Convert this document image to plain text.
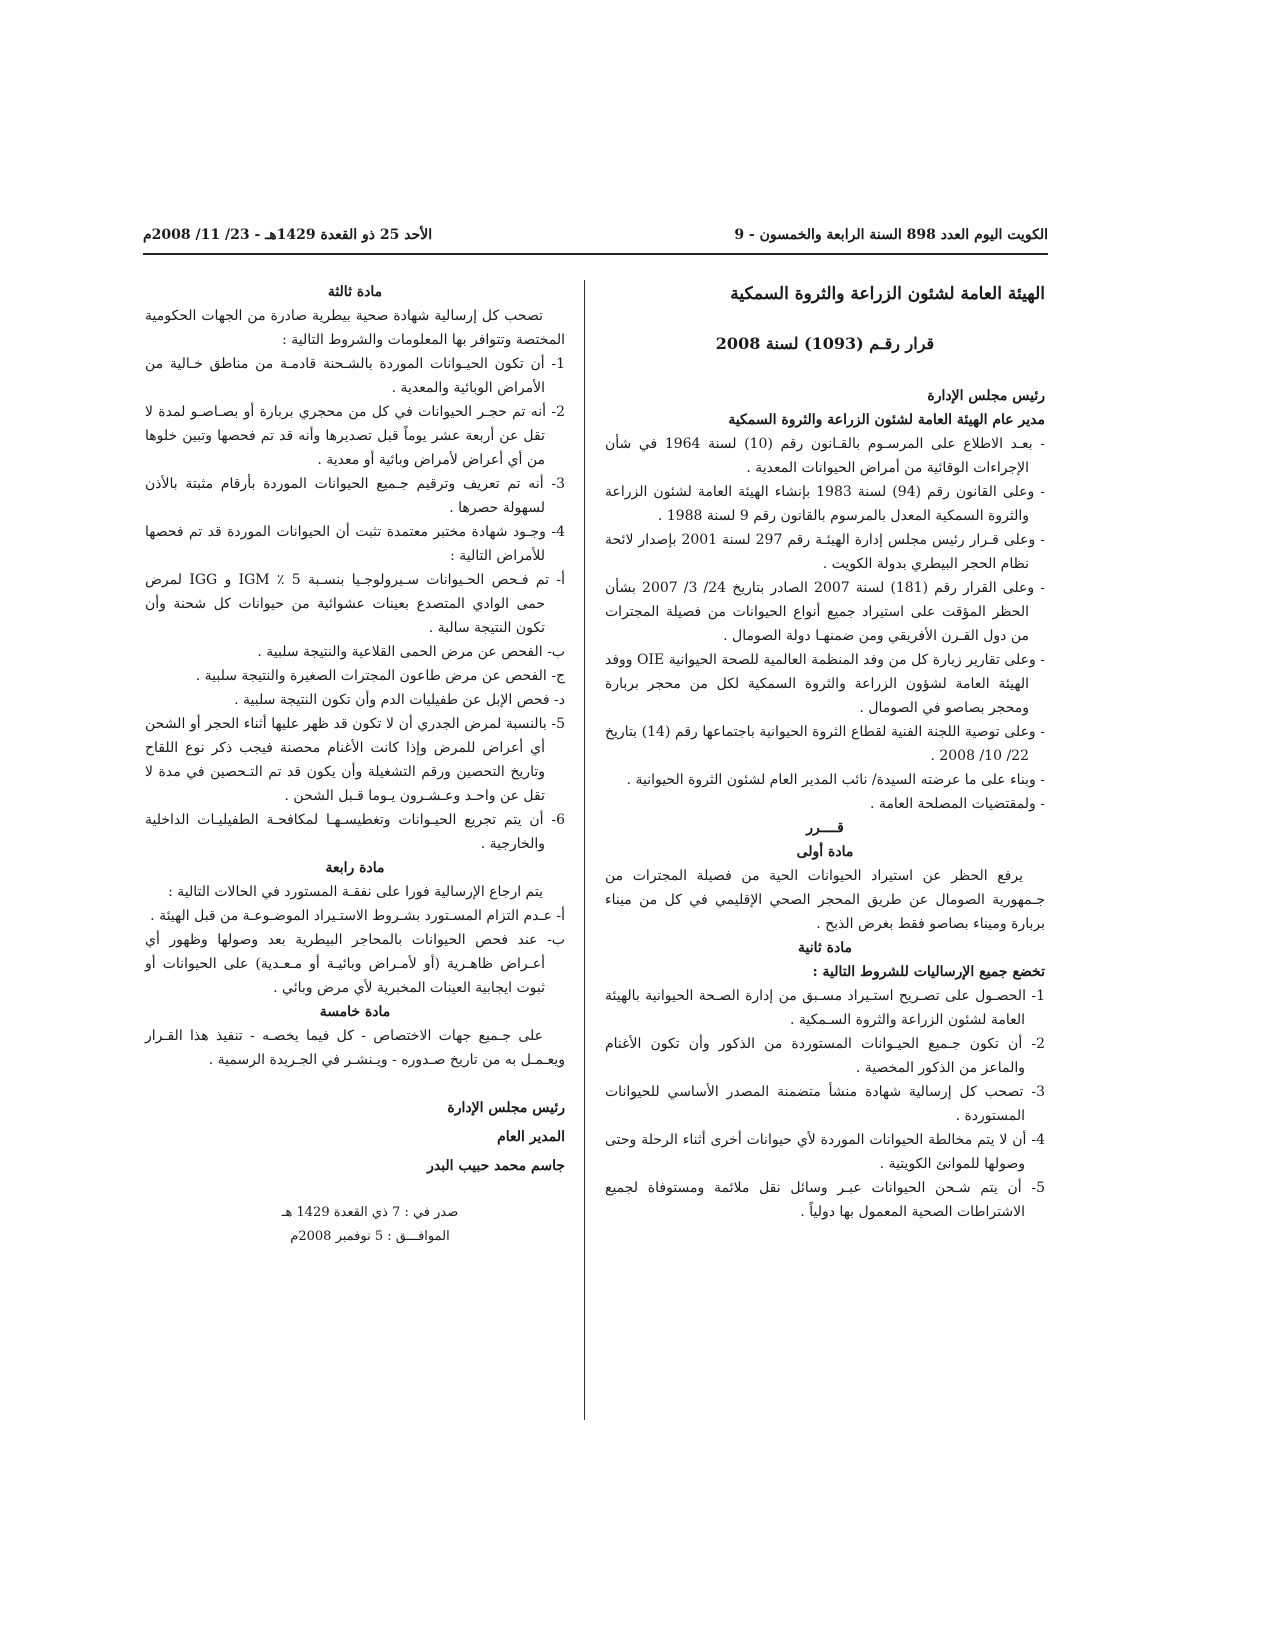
الكويت اليوم العدد 898 السنة الرابعة والخمسون - 9
الأحد 25 ذو القعدة 1429هـ - 23/ 11/ 2008م

الهيئة العامة لشئون الزراعة والثروة السمكية

قرار رقـم (1093) لسنة 2008

رئيس مجلس الإدارة

مدير عام الهيئة العامة لشئون الزراعة والثروة السمكية

- بعـد الاطلاع على المرسـوم بالقـانون رقم (10) لسنة 1964 في شأن الإجراءات الوقائية من أمراض الحيوانات المعدية .

- وعلى القانون رقم (94) لسنة 1983 بإنشاء الهيئة العامة لشئون الزراعة والثروة السمكية المعدل بالمرسوم بالقانون رقم 9 لسنة 1988 .

- وعلى قـرار رئيس مجلس إدارة الهيئـة رقم 297 لسنة 2001 بإصدار لائحة نظام الحجر البيطري بدولة الكويت .

- وعلى القرار رقم (181) لسنة 2007 الصادر بتاريخ 24/ 3/ 2007 بشأن الحظر المؤقت على استيراد جميع أنواع الحيوانات من فصيلة المجترات من دول القـرن الأفريقي ومن ضمنهـا دولة الصومال .

- وعلى تقارير زيارة كل من وفد المنظمة العالمية للصحة الحيوانية OIE ووفد الهيئة العامة لشؤون الزراعة والثروة السمكية لكل من محجر بربارة ومحجر بصاصو في الصومال .

- وعلى توصية اللجنة الفنية لقطاع الثروة الحيوانية باجتماعها رقم (14) بتاريخ 22/ 10/ 2008 .

- وبناء على ما عرضته السيدة/ نائب المدير العام لشئون الثروة الحيوانية .

- ولمقتضيات المصلحة العامة .

قــــرر

مادة أولى

يرفع الحظر عن استيراد الحيوانات الحية من فصيلة المجترات من جـمهورية الصومال عن طريق المحجر الصحي الإقليمي في كل من ميناء بربارة وميناء بصاصو فقط بغرض الذبح .

مادة ثانية

تخضع جميع الإرساليات للشروط التالية :

1- الحصـول على تصـريح استـيراد مسـبق من إدارة الصـحة الحيوانية بالهيئة العامة لشئون الزراعة والثروة السـمكية .

2- أن تكون جـميع الحيـوانات المستوردة من الذكور وأن تكون الأغنام والماعز من الذكور المخصية .

3- تصحب كل إرسالية شهادة منشأ متضمنة المصدر الأساسي للحيوانات المستوردة .

4- أن لا يتم مخالطة الحيوانات الموردة لأي حيوانات أخرى أثناء الرحلة وحتى وصولها للموانئ الكويتية .

5- أن يتم شـحن الحيوانات عبـر وسائل نقل ملائمة ومستوفاة لجميع الاشتراطات الصحية المعمول بها دولياً .

مادة ثالثة

تصحب كل إرسالية شهادة صحية بيطرية صادرة من الجهات الحكومية المختصة وتتوافر بها المعلومات والشروط التالية :

1- أن تكون الحيـوانات الموردة بالشـحنة قادمـة من مناطق خـالية من الأمراض الوبائية والمعدية .

2- أنه تم حجـر الحيوانات في كل من محجري بربارة أو بصـاصـو لمدة لا تقل عن أربعة عشر يوماً قبل تصديرها وأنه قد تم فحصها وتبين خلوها من أي أعراض لأمراض وبائية أو معدية .

3- أنه تم تعريف وترقيم جـميع الحيوانات الموردة بأرقام مثبتة بالأذن لسهولة حصرها .

4- وجـود شهادة مختبر معتمدة تثبت أن الحيوانات الموردة قد تم فحصها للأمراض التالية :

أ- تم فـحص الحـيوانات سـيرولوجـيا بنسـبة 5 ٪ IGM و IGG لمرض حمى الوادي المتصدع بعينات عشوائية من حيوانات كل شحنة وأن تكون النتيجة سالبة .

ب- الفحص عن مرض الحمى القلاعية والنتيجة سلبية .

ج- الفحص عن مرض طاعون المجترات الصغيرة والنتيجة سلبية .

د- فحص الإبل عن طفيليات الدم وأن تكون النتيجة سلبية .

5- بالنسبة لمرض الجدري أن لا تكون قد ظهر عليها أثناء الحجر أو الشحن أي أعراض للمرض وإذا كانت الأغنام محصنة فيجب ذكر نوع اللقاح وتاريخ التحصين ورقم التشغيلة وأن يكون قد تم التـحصين في مدة لا تقل عن واحـد وعـشـرون يـوما قـبل الشحن .

6- أن يتم تجريع الحيـوانات وتغطيسـهـا لمكافحـة الطفيليـات الداخلية والخارجية .

مادة رابعة

يتم ارجاع الإرسالية فورا على نفقـة المستورد في الحالات التالية :

أ- عـدم التزام المسـتورد بشـروط الاستـيراد الموضـوعـة من قبل الهيئة .

ب- عند فحص الحيوانات بالمحاجر البيطرية بعد وصولها وظهور أي أعـراض ظاهـرية (أو لأمـراض وبائيـة أو مـعـدية) على الحيوانات أو ثبوت ايجابية العينات المخبرية لأي مرض وبائي .

مادة خامسة

على جـميع جهات الاختصاص - كل فيما يخصـه - تنفيذ هذا القـرار ويعـمـل به من تاريخ صـدوره - ويـنشـر في الجـريدة الرسمية .

رئيس مجلس الإدارة
المدير العام
جاسم محمد حبيب البدر
صدر في : 7 ذي القعدة 1429 هـ
الموافـــق : 5 نوفمبر 2008م
